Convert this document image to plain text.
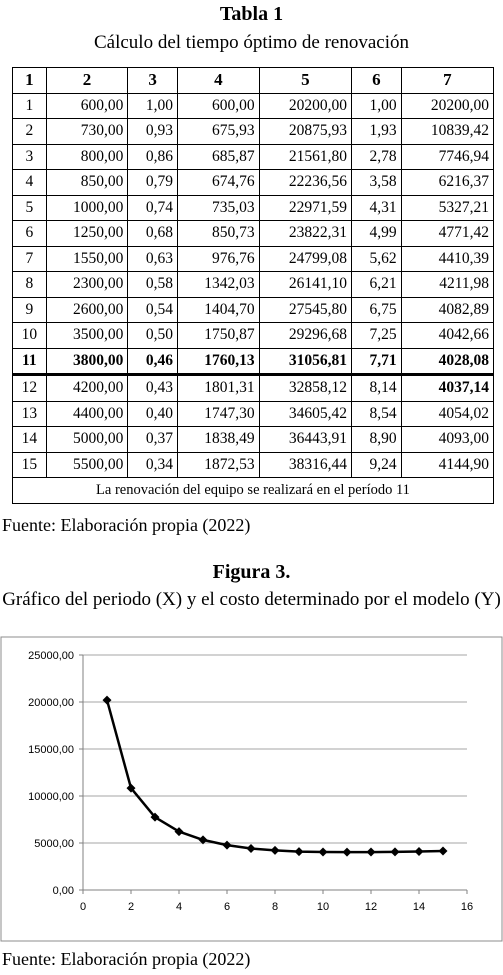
Tabla 1
Cálculo del tiempo óptimo de renovación
1	2	3	4	5	6	7
1	600,00	1,00	600,00	20200,00	1,00	20200,00
2	730,00	0,93	675,93	20875,93	1,93	10839,42
3	800,00	0,86	685,87	21561,80	2,78	7746,94
4	850,00	0,79	674,76	22236,56	3,58	6216,37
5	1000,00	0,74	735,03	22971,59	4,31	5327,21
6	1250,00	0,68	850,73	23822,31	4,99	4771,42
7	1550,00	0,63	976,76	24799,08	5,62	4410,39
8	2300,00	0,58	1342,03	26141,10	6,21	4211,98
9	2600,00	0,54	1404,70	27545,80	6,75	4082,89
10	3500,00	0,50	1750,87	29296,68	7,25	4042,66
11	3800,00	0,46	1760,13	31056,81	7,71	4028,08
12	4200,00	0,43	1801,31	32858,12	8,14	4037,14
13	4400,00	0,40	1747,30	34605,42	8,54	4054,02
14	5000,00	0,37	1838,49	36443,91	8,90	4093,00
15	5500,00	0,34	1872,53	38316,44	9,24	4144,90
La renovación del equipo se realizará en el período 11						
Fuente: Elaboración propia (2022)
Figura 3.
Gráfico del periodo (X) y el costo determinado por el modelo (Y)
0,00
5000,00
10000,00
15000,00
20000,00
25000,00
0	2	4	6	8	10	12	14	16
Fuente: Elaboración propia (2022)
